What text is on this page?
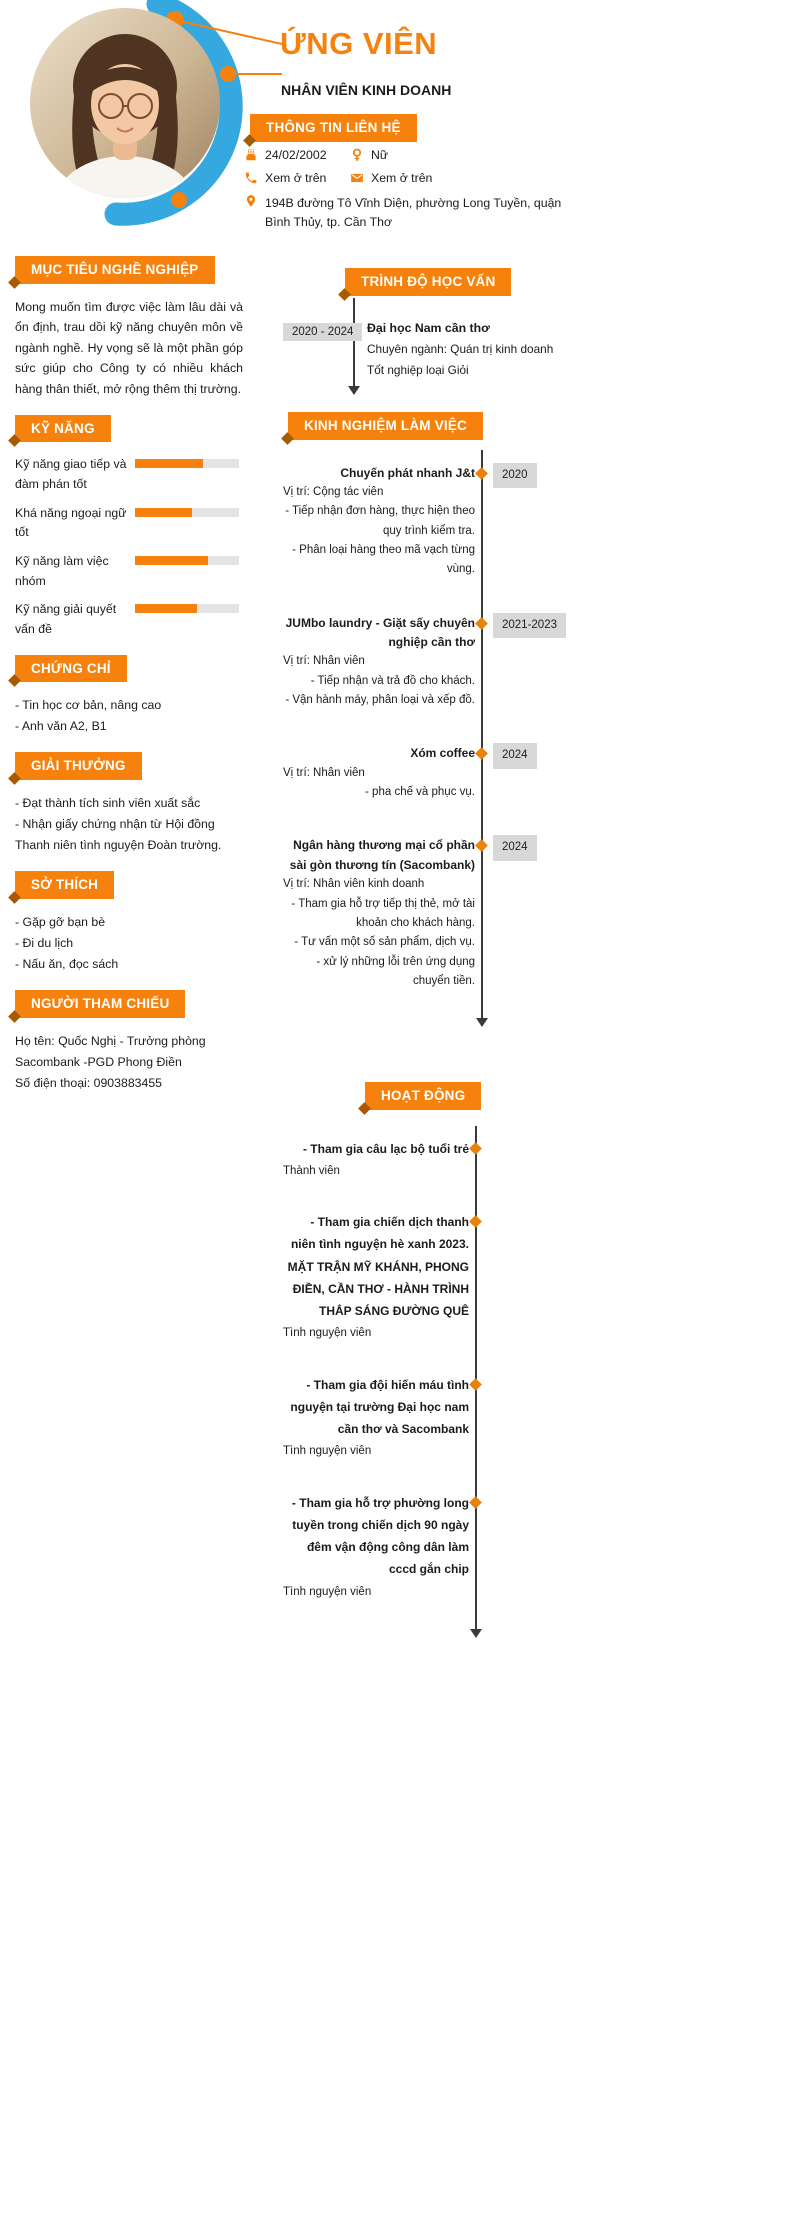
ỨNG VIÊN
NHÂN VIÊN KINH DOANH
THÔNG TIN LIÊN HỆ
24/02/2002	Nữ
Xem ở trên	Xem ở trên
194B đường Tô Vĩnh Diện, phường Long Tuyền, quận Bình Thủy, tp. Cần Thơ
MỤC TIÊU NGHỀ NGHIỆP

Mong muốn tìm được việc làm lâu dài và ổn định, trau dồi kỹ năng chuyên môn về ngành nghề. Hy vọng sẽ là một phần góp sức giúp cho Công ty có nhiều khách hàng thân thiết, mở rộng thêm thị trường.

KỸ NĂNG
Kỹ năng giao tiếp và đàm phán tốt
Khá năng ngoại ngữ tốt
Kỹ năng làm việc nhóm
Kỹ năng giải quyết vấn đề
CHỨNG CHỈ
- Tin học cơ bản, nâng cao
- Anh văn A2, B1
GIẢI THƯỞNG
- Đạt thành tích sinh viên xuất sắc
- Nhận giấy chứng nhận từ Hội đồng Thanh niên tình nguyện Đoàn trường.
SỞ THÍCH
- Gặp gỡ bạn bè
- Đi du lịch
- Nấu ăn, đọc sách
NGƯỜI THAM CHIẾU
Họ tên: Quốc Nghị - Trưởng phòng Sacombank -PGD Phong Điền
Số điện thoại: 0903883455
TRÌNH ĐỘ HỌC VẤN
2020 - 2024	Đại học Nam cần thơ
Chuyên ngành: Quán trị kinh doanh
Tốt nghiệp loại Giỏi
KINH NGHIỆM LÀM VIỆC
2020
Chuyến phát nhanh J&t
Vị trí: Cộng tác viên
- Tiếp nhận đơn hàng, thực hiện theo quy trình kiểm tra.
- Phân loại hàng theo mã vạch từng vùng.
2021-2023
JUMbo laundry - Giặt sấy chuyên nghiệp cần thơ
Vị trí: Nhân viên
- Tiếp nhận và trả đồ cho khách.
- Vận hành máy, phân loại và xếp đồ.
2024
Xóm coffee
Vị trí: Nhân viên
- pha chế và phục vụ.
2024
Ngân hàng thương mại cổ phần sài gòn thương tín (Sacombank)
Vị trí: Nhân viên kinh doanh
- Tham gia hỗ trợ tiếp thị thẻ, mở tài khoản cho khách hàng.
- Tư vấn một số sản phẩm, dịch vụ.
- xử lý những lỗi trên ứng dụng chuyển tiền.
HOẠT ĐỘNG
- Tham gia câu lạc bộ tuổi trẻ
Thành viên
- Tham gia chiến dịch thanh niên tình nguyện hè xanh 2023. MẶT TRẬN MỸ KHÁNH, PHONG ĐIỀN, CẦN THƠ - HÀNH TRÌNH THẮP SÁNG ĐƯỜNG QUÊ
Tình nguyện viên
- Tham gia đội hiến máu tình nguyện tại trường Đại học nam cần thơ và Sacombank
Tình nguyện viên
- Tham gia hỗ trợ phường long tuyền trong chiến dịch 90 ngày đêm vận động công dân làm cccd gắn chip
Tình nguyện viên
